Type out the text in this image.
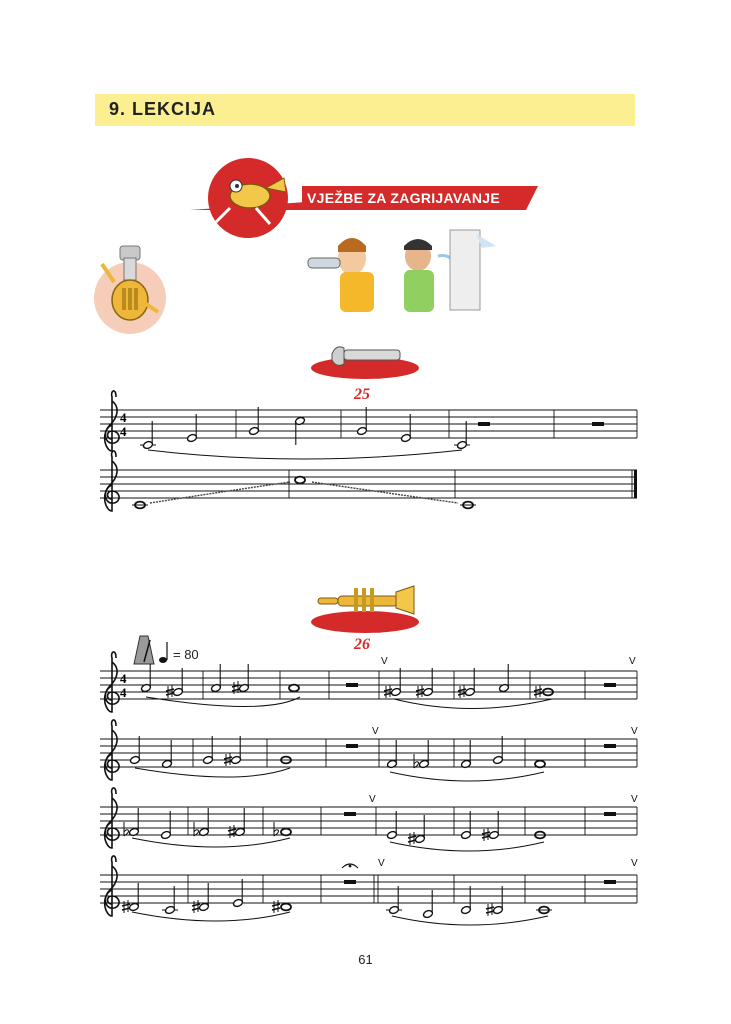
9. LEKCIJA
VJEŽBE ZA ZAGRIJAVANJE
25
26
= 80
4
4
4
4
V	V
V	V
V	V
V	V
61
